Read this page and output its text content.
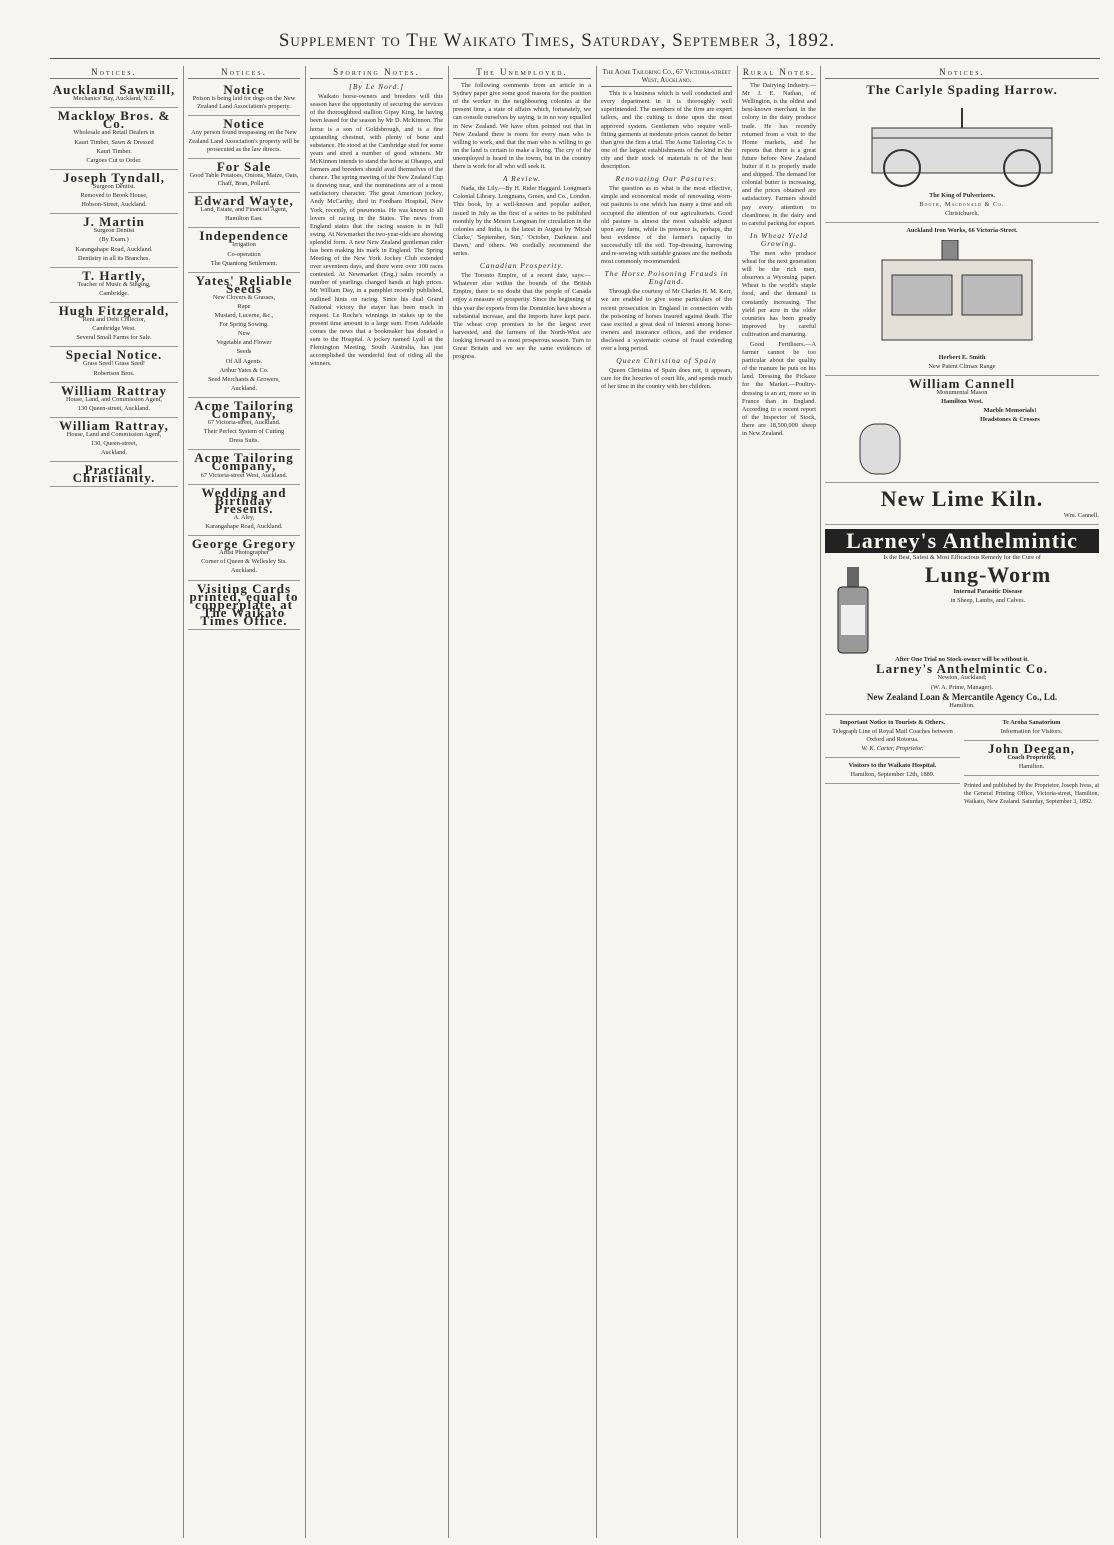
Supplement to The Waikato Times, Saturday, September 3, 1892.
Notices.

Auckland Sawmill,

Mechanics' Bay, Auckland, N.Z.

Macklow Bros. & Co.

Wholesale and Retail Dealers in

Kauri Timber, Sawn & Dressed

Kauri Timber.

Cargoes Cut to Order.

Joseph Tyndall,

Surgeon Dentist.

Removed to Brook House,

Hobson-Street, Auckland.

J. Martin

Surgeon Dentist

(By Exam.)

Karangahape Road, Auckland.

Dentistry in all its Branches.

T. Hartly,

Teacher of Music & Singing,

Cambridge.

Hugh Fitzgerald,

Rent and Debt Collector,

Cambridge West.

Several Small Farms for Sale.

Special Notice.

Grass Seed! Grass Seed!

Robertson Bros.

William Rattray

House, Land, and Commission Agent,

130 Queen-street, Auckland.

William Rattray,

House, Land and Commission Agent,

130, Queen-street,

Auckland.

Practical Christianity.

Notices.

Notice

Poison is being laid for dogs on the New Zealand Land Association's property.

Notice

Any person found trespassing on the New Zealand Land Association's property will be prosecuted as the law directs.

For Sale

Good Table Potatoes, Onions, Maize, Oats, Chaff, Bran, Pollard.

Edward Wayte,

Land, Estate, and Financial Agent,

Hamilton East.

Independence

Irrigation

Co-operation

The Quantong Settlement.

Yates' Reliable Seeds

New Clovers & Grasses,

Rape

Mustard, Lucerne, &c.,

For Spring Sowing.

New

Vegetable and Flower

Seeds

Of All Agents.

Arthur Yates & Co.

Seed Merchants & Growers,

Auckland.

Acme Tailoring Company,

67 Victoria-street, Auckland.

Their Perfect System of Cutting

Dress Suits.

Acme Tailoring Company,

67 Victoria-street West, Auckland.

Wedding and Birthday Presents.

A. Aley,

Karangahape Road, Auckland.

George Gregory

Artist Photographer

Corner of Queen & Wellesley Sts.

Auckland.

Visiting Cards printed, equal to copperplate, at The Waikato Times Office.

Sporting Notes.
[By Le Nord.]

Waikato horse-owners and breeders will this season have the opportunity of securing the services of the thoroughbred stallion Gipsy King, he having been leased for the season by Mr D. McKinnon. The horse is a son of Goldsbrough, and is a fine upstanding chestnut, with plenty of bone and substance. He stood at the Cambridge stud for some years and sired a number of good winners. Mr McKinnon intends to stand the horse at Ohaupo, and farmers and breeders should avail themselves of the chance. The spring meeting of the New Zealand Cup is drawing near, and the nominations are of a most satisfactory character. The great American jockey, Andy McCarthy, died in Fordham Hospital, New York, recently, of pneumonia. He was known to all lovers of racing in the States. The news from England states that the racing season is in full swing. At Newmarket the two-year-olds are showing splendid form. A new New Zealand gentleman rider has been making his mark in England. The Spring Meeting of the New York Jockey Club extended over seventeen days, and there were over 100 races contested. At Newmarket (Eng.) sales recently a number of yearlings changed hands at high prices. Mr William Day, in a pamphlet recently published, outlined hints on racing. Since his dual Grand National victory the stayer has been much in request. Le Roche's winnings in stakes up to the present time amount to a large sum. From Adelaide comes the news that a bookmaker has donated a sum to the Hospital. A jockey named Lyall at the Flemington Meeting, South Australia, has just accomplished the wonderful feat of riding all the winners.

The Unemployed.

The following comments from an article in a Sydney paper give some good reasons for the position of the worker in the neighbouring colonies at the present time, a state of affairs which, fortunately, we can console ourselves by saying, is in no way equalled in New Zealand. We have often pointed out that in New Zealand there is room for every man who is willing to work, and that the man who is willing to go on the land is certain to make a living. The cry of the unemployed is heard in the towns, but in the country there is work for all who will seek it.

A Review.

Nada, the Lily.—By H. Rider Haggard. Longman's Colonial Library. Longmans, Green, and Co., London. This book, by a well-known and popular author, issued in July as the first of a series to be published monthly by the Messrs Longman for circulation in the colonies and India, is the latest in August by 'Micah Clarke,' 'September, Sun,' 'October, Darkness and Dawn,' and others. We cordially recommend the series.

Canadian Prosperity.

The Toronto Empire, of a recent date, says:—Whatever else within the bounds of the British Empire, there is no doubt that the people of Canada enjoy a measure of prosperity. Since the beginning of this year the exports from the Dominion have shown a substantial increase, and the imports have kept pace. The wheat crop promises to be the largest ever harvested, and the farmers of the North-West are looking forward to a most prosperous season. Turn to Great Britain and we see the same evidences of progress.

The Acme Tailoring Co., 67 Victoria-street West, Auckland.

This is a business which is well conducted and every department in it is thoroughly well superintended. The members of the firm are expert tailors, and the cutting is done upon the most approved system. Gentlemen who require well-fitting garments at moderate prices cannot do better than give the firm a trial. The Acme Tailoring Co. is one of the largest establishments of the kind in the city and their stock of materials is of the best description.

Renovating Our Pastures.

The question as to what is the most effective, simple and economical mode of renovating worn-out pastures is one which has many a time and oft occupied the attention of our agriculturists. Good old pasture is almost the most valuable adjunct upon any farm, while its presence is, perhaps, the best evidence of the farmer's capacity to successfully till the soil. Top-dressing, harrowing and re-sowing with suitable grasses are the methods most commonly recommended.

The Horse Poisoning Frauds in England.

Through the courtesy of Mr Charles H. M. Kerr, we are enabled to give some particulars of the recent prosecution in England in connection with the poisoning of horses insured against death. The case excited a great deal of interest among horse-owners and insurance offices, and the evidence disclosed a systematic course of fraud extending over a long period.

Queen Christina of Spain

Queen Christina of Spain does not, it appears, care for the luxuries of court life, and spends much of her time in the country with her children.

Rural Notes.

The Dairying Industry.—Mr J. E. Nathan, of Wellington, is the oldest and best-known merchant in the colony in the dairy produce trade. He has recently returned from a visit to the Home markets, and he reports that there is a great future before New Zealand butter if it is properly made and shipped. The demand for colonial butter is increasing, and the prices obtained are satisfactory. Farmers should pay every attention to cleanliness in the dairy and to careful packing for export.

In Wheat Yield Growing.

The men who produce wheat for the next generation will be the rich men, observes a Wyoming paper. Wheat is the world's staple food, and the demand is constantly increasing. The yield per acre in the older countries has been greatly improved by careful cultivation and manuring.

Good Fertilisers.—A farmer cannot be too particular about the quality of the manure he puts on his land. Dressing the Pickaxe for the Market.—Poultry-dressing is an art, more so in France than in England. According to a recent report of the Inspector of Stock, there are 18,500,000 sheep in New Zealand.

Notices.

The Carlyle Spading Harrow.

The King of Pulverizers.

Booth, Macdonald & Co.

Christchurch.

Auckland Iron Works, 66 Victoria-Street.

Herbert E. Smith

New Patent Climax Range

William Cannell

Monumental Mason

Hamilton West.

Marble Memorials!

Headstones & Crosses

New Lime Kiln.

Wm. Cannell.

Larney's Anthelmintic

Is the Best, Safest & Most Efficacious Remedy for the Cure of

Lung-Worm

Internal Parasitic Disease

in Sheep, Lambs, and Calves.

After One Trial no Stock-owner will be without it.

Larney's Anthelmintic Co.

Newton, Auckland;

(W. A. Prime, Manager).

New Zealand Loan & Mercantile Agency Co., Ld.

Hamilton.

Important Notice to Tourists & Others.

Telegraph Line of Royal Mail Coaches between Oxford and Rotorua.

W. K. Carter, Proprietor.

Visitors to the Waikato Hospital.

Hamilton, September 12th, 1889.

Te Aroha Sanatorium

Information for Visitors.

John Deegan,

Coach Proprietor,

Hamilton.

Printed and published by the Proprietor, Joseph Ivess, at the General Printing Office, Victoria-street, Hamilton, Waikato, New Zealand. Saturday, September 3, 1892.
